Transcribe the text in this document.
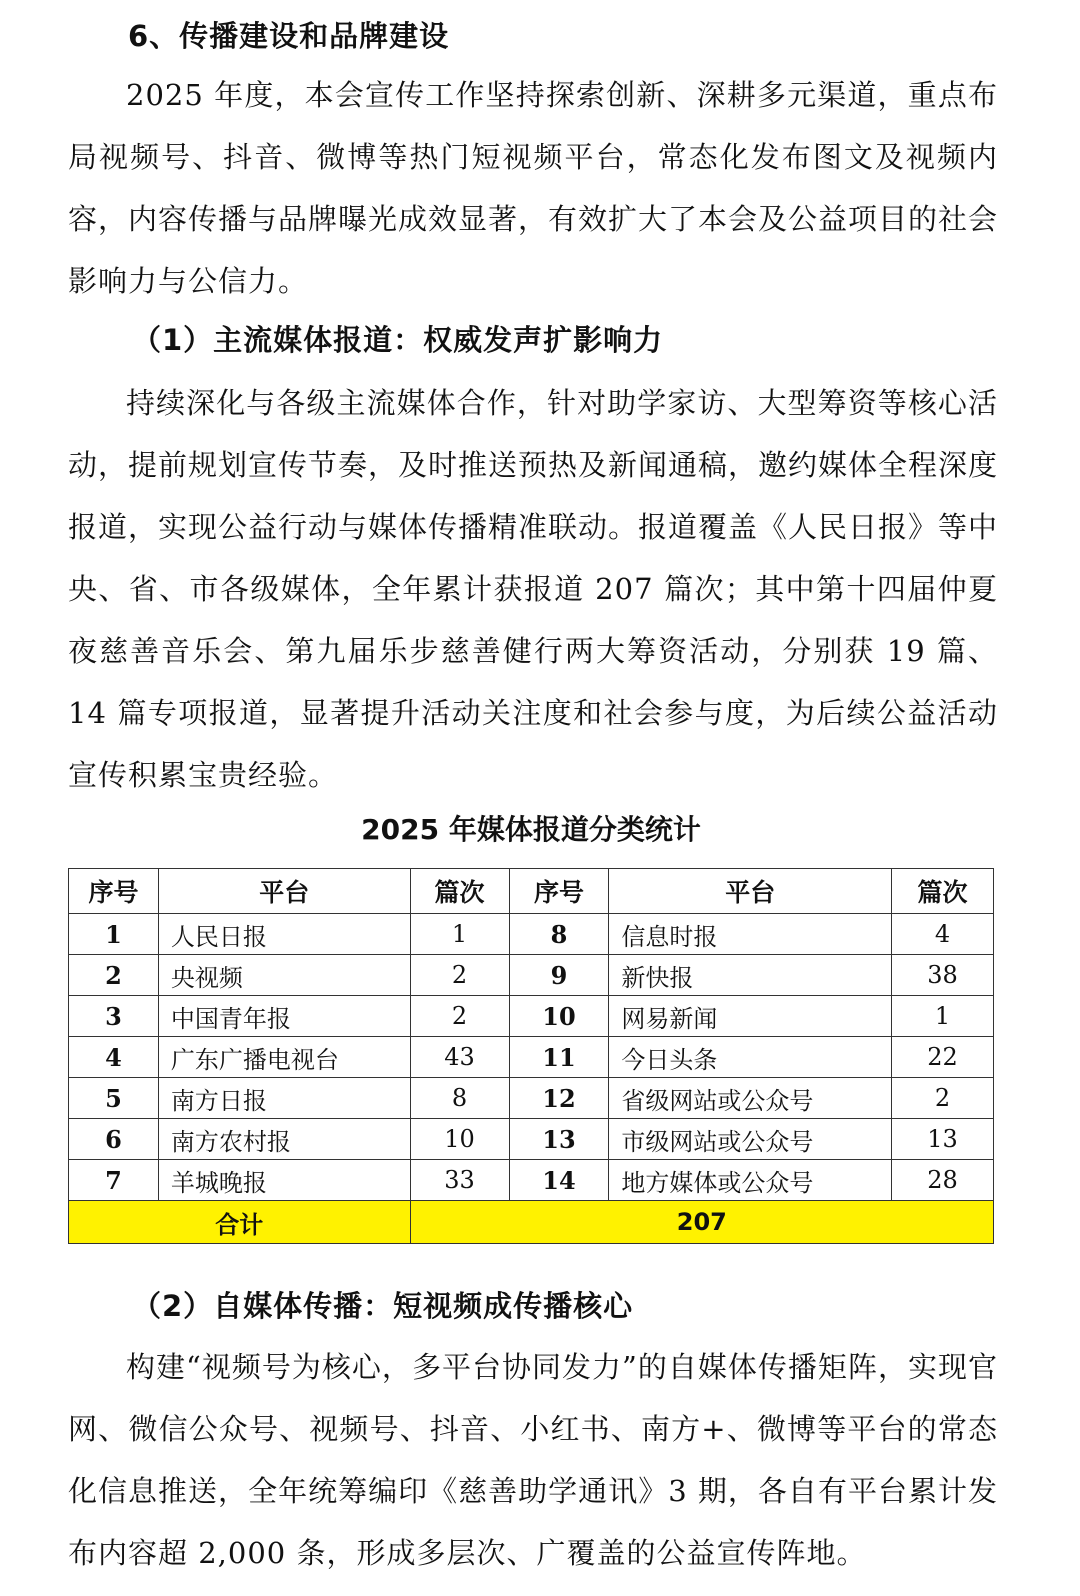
6、传播建设和品牌建设

2025 年度，本会宣传工作坚持探索创新、深耕多元渠道，重点布局视频号、抖音、微博等热门短视频平台，常态化发布图文及视频内容，内容传播与品牌曝光成效显著，有效扩大了本会及公益项目的社会影响力与公信力。

（1）主流媒体报道：权威发声扩影响力

持续深化与各级主流媒体合作，针对助学家访、大型筹资等核心活动，提前规划宣传节奏，及时推送预热及新闻通稿，邀约媒体全程深度报道，实现公益行动与媒体传播精准联动。报道覆盖《人民日报》等中央、省、市各级媒体，全年累计获报道 207 篇次；其中第十四届仲夏夜慈善音乐会、第九届乐步慈善健行两大筹资活动，分别获 19 篇、14 篇专项报道，显著提升活动关注度和社会参与度，为后续公益活动宣传积累宝贵经验。

2025 年媒体报道分类统计
序号	平台	篇次	序号	平台	篇次
1	人民日报	1	8	信息时报	4
2	央视频	2	9	新快报	38
3	中国青年报	2	10	网易新闻	1
4	广东广播电视台	43	11	今日头条	22
5	南方日报	8	12	省级网站或公众号	2
6	南方农村报	10	13	市级网站或公众号	13
7	羊城晚报	33	14	地方媒体或公众号	28
合计		207			
（2）自媒体传播：短视频成传播核心

构建“视频号为核心，多平台协同发力”的自媒体传播矩阵，实现官网、微信公众号、视频号、抖音、小红书、南方+、微博等平台的常态化信息推送，全年统筹编印《慈善助学通讯》3 期，各自有平台累计发布内容超 2,000 条，形成多层次、广覆盖的公益宣传阵地。
